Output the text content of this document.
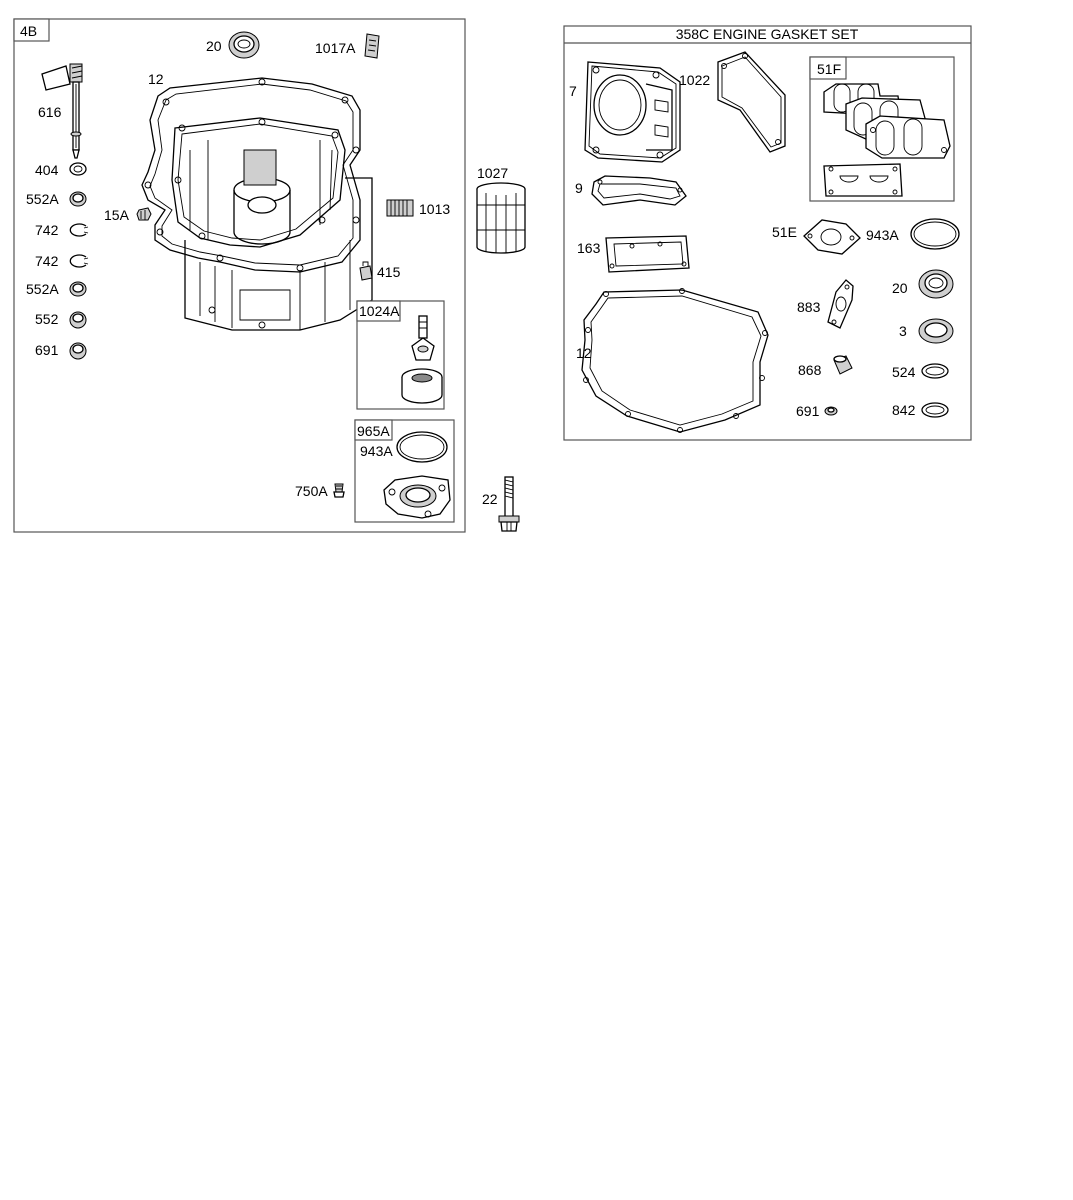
4B
20	1017A
616
404
552A
15A
742
742
552A
552
691
12
1013
415
1024A
965A
943A
750A
1027
22
358C ENGINE GASKET SET
7
1022
51F
9
163
12
51E	943A
20
883
3
868	524
691	842
